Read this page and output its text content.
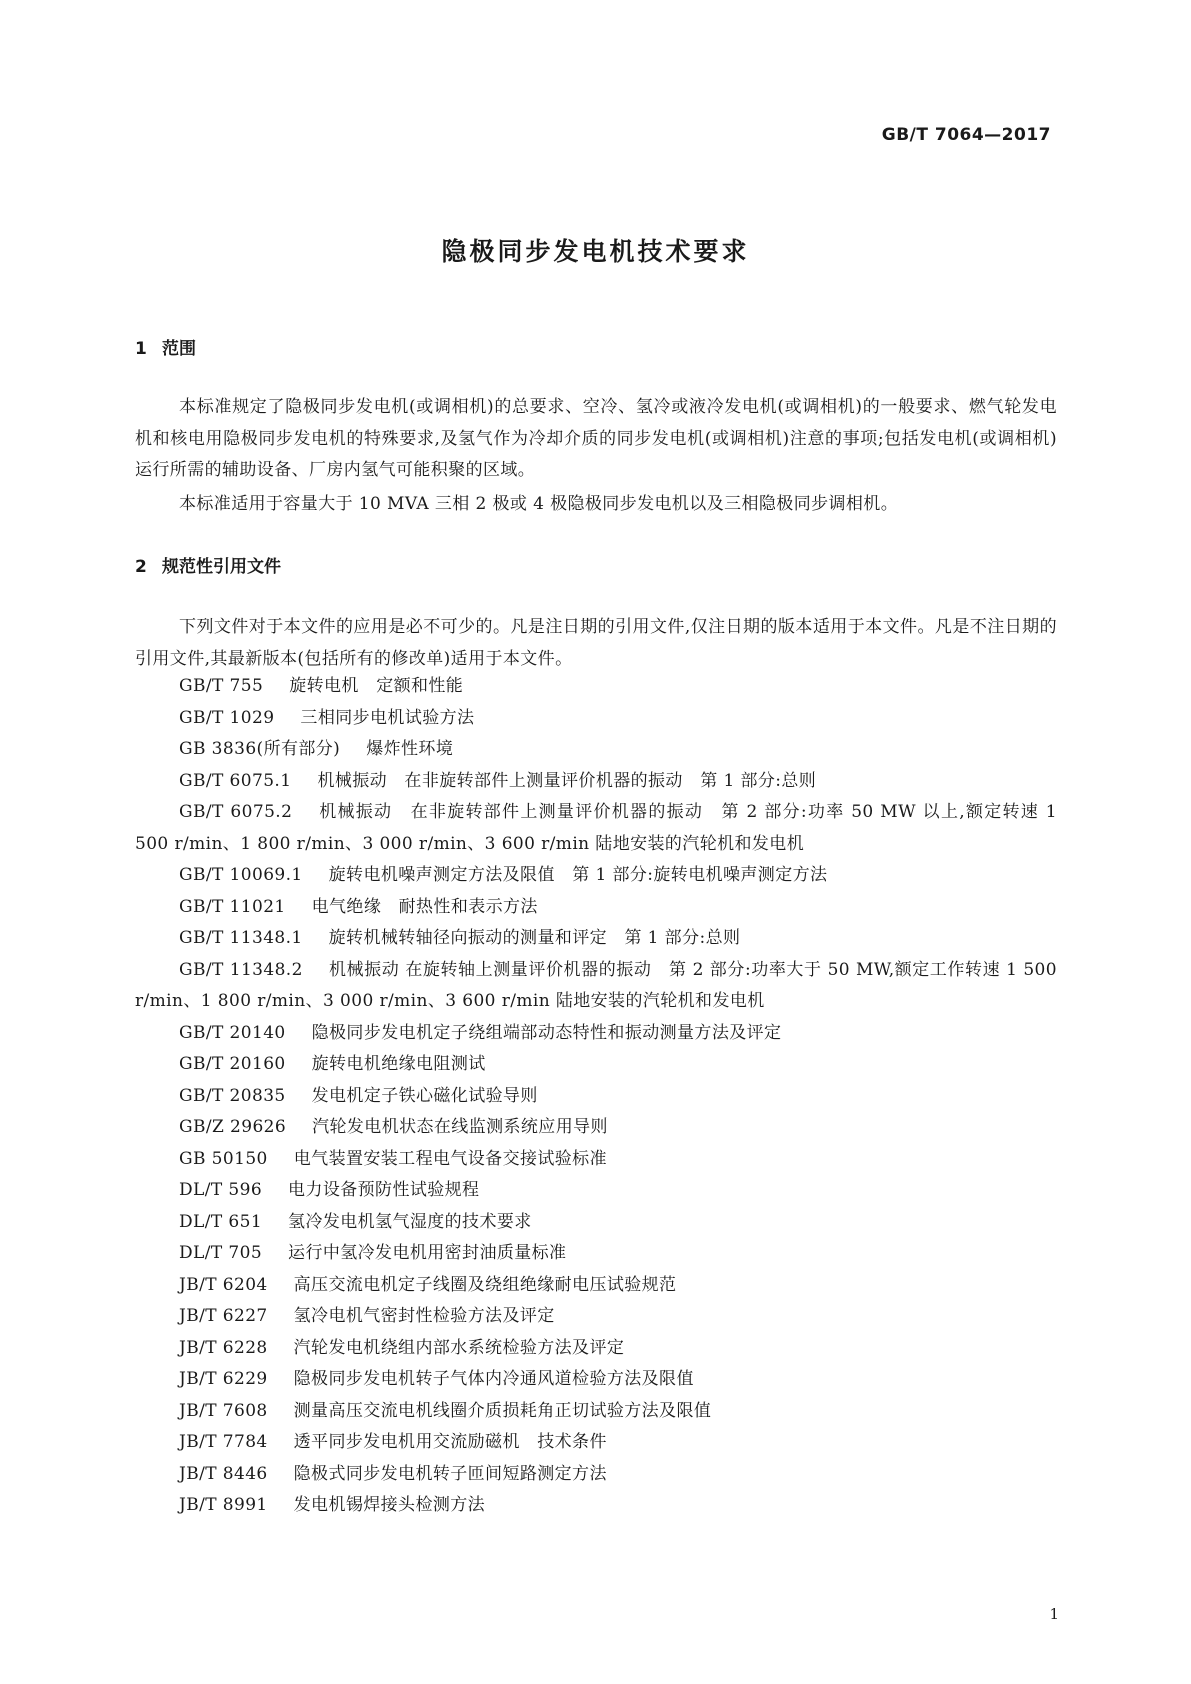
GB/T 7064—2017
隐极同步发电机技术要求
1 范围

本标准规定了隐极同步发电机(或调相机)的总要求、空冷、氢冷或液冷发电机(或调相机)的一般要求、燃气轮发电机和核电用隐极同步发电机的特殊要求,及氢气作为冷却介质的同步发电机(或调相机)注意的事项;包括发电机(或调相机)运行所需的辅助设备、厂房内氢气可能积聚的区域。

本标准适用于容量大于 10 MVA 三相 2 极或 4 极隐极同步发电机以及三相隐极同步调相机。

2 规范性引用文件

下列文件对于本文件的应用是必不可少的。凡是注日期的引用文件,仅注日期的版本适用于本文件。凡是不注日期的引用文件,其最新版本(包括所有的修改单)适用于本文件。

GB/T 755 旋转电机　定额和性能
GB/T 1029 三相同步电机试验方法
GB 3836(所有部分) 爆炸性环境
GB/T 6075.1 机械振动　在非旋转部件上测量评价机器的振动　第 1 部分:总则
GB/T 6075.2 机械振动　在非旋转部件上测量评价机器的振动　第 2 部分:功率 50 MW 以上,额定转速 1 500 r/min、1 800 r/min、3 000 r/min、3 600 r/min 陆地安装的汽轮机和发电机
GB/T 10069.1 旋转电机噪声测定方法及限值　第 1 部分:旋转电机噪声测定方法
GB/T 11021 电气绝缘　耐热性和表示方法
GB/T 11348.1 旋转机械转轴径向振动的测量和评定　第 1 部分:总则
GB/T 11348.2 机械振动 在旋转轴上测量评价机器的振动　第 2 部分:功率大于 50 MW,额定工作转速 1 500 r/min、1 800 r/min、3 000 r/min、3 600 r/min 陆地安装的汽轮机和发电机
GB/T 20140 隐极同步发电机定子绕组端部动态特性和振动测量方法及评定
GB/T 20160 旋转电机绝缘电阻测试
GB/T 20835 发电机定子铁心磁化试验导则
GB/Z 29626 汽轮发电机状态在线监测系统应用导则
GB 50150 电气装置安装工程电气设备交接试验标准
DL/T 596 电力设备预防性试验规程
DL/T 651 氢冷发电机氢气湿度的技术要求
DL/T 705 运行中氢冷发电机用密封油质量标准
JB/T 6204 高压交流电机定子线圈及绕组绝缘耐电压试验规范
JB/T 6227 氢冷电机气密封性检验方法及评定
JB/T 6228 汽轮发电机绕组内部水系统检验方法及评定
JB/T 6229 隐极同步发电机转子气体内冷通风道检验方法及限值
JB/T 7608 测量高压交流电机线圈介质损耗角正切试验方法及限值
JB/T 7784 透平同步发电机用交流励磁机　技术条件
JB/T 8446 隐极式同步发电机转子匝间短路测定方法
JB/T 8991 发电机锡焊接头检测方法
1
